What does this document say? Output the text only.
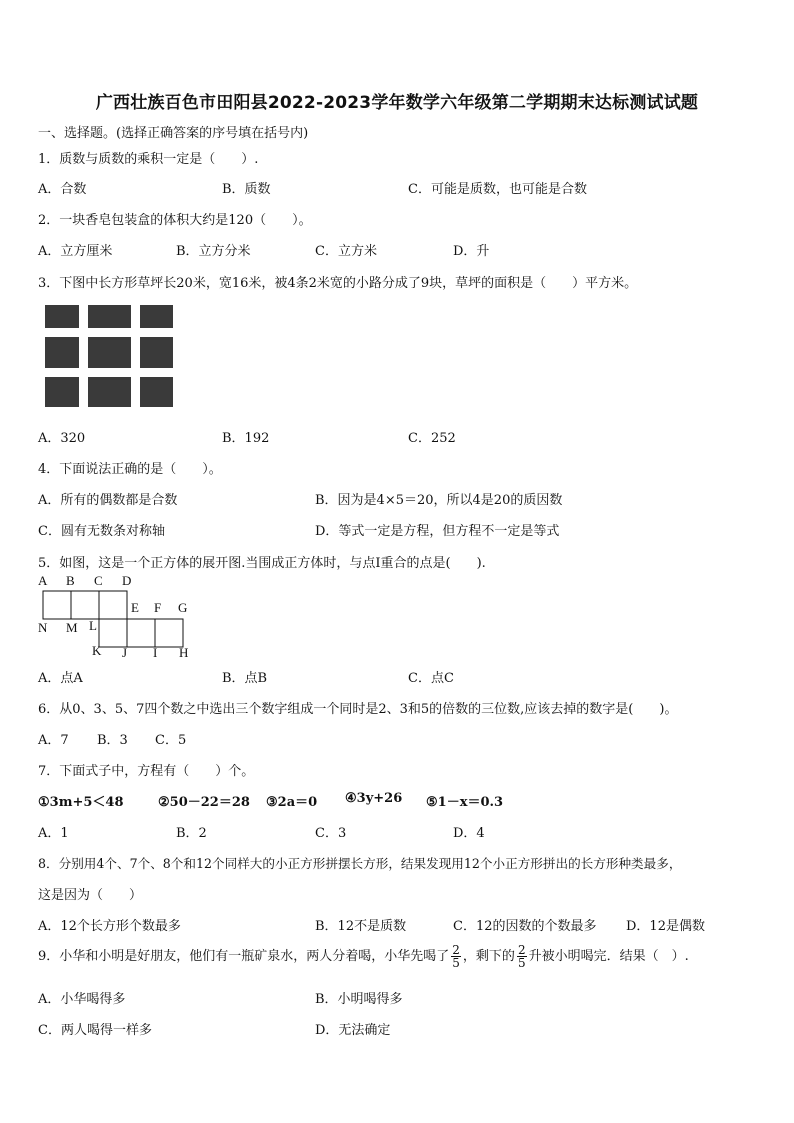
广西壮族百色市田阳县2022-2023学年数学六年级第二学期期末达标测试试题
一、选择题。(选择正确答案的序号填在括号内)
1．质数与质数的乘积一定是（　　）.
A．合数	B．质数	C．可能是质数，也可能是合数
2．一块香皂包装盒的体积大约是120（　　）。
A．立方厘米	B．立方分米	C．立方米	D．升
3．下图中长方形草坪长20米，宽16米，被4条2米宽的小路分成了9块，草坪的面积是（　　）平方米。
A．320	B．192	C．252
4．下面说法正确的是（　　）。
A．所有的偶数都是合数	B．因为是4×5＝20，所以4是20的质因数
C．圆有无数条对称轴	D．等式一定是方程，但方程不一定是等式
5．如图，这是一个正方体的展开图.当围成正方体时，与点I重合的点是(　　).
A B C D
E F G
N M L
K J I H
A．点A	B．点B	C．点C
6．从0、3、5、7四个数之中选出三个数字组成一个同时是2、3和5的倍数的三位数,应该去掉的数字是(　　)。
A．7 B．3 C．5
7．下面式子中，方程有（　　）个。
①3m+5＜48	②50－22＝28 ③2a＝0 ④3y+26 ⑤1－x＝0.3
A．1	B．2	C．3	D．4
8．分别用4个、7个、8个和12个同样大的小正方形拼摆长方形，结果发现用12个小正方形拼出的长方形种类最多，
这是因为（　　）
A．12个长方形个数最多	B．12不是质数	C．12的因数的个数最多 D．12是偶数
9．小华和小明是好朋友，他们有一瓶矿泉水，两人分着喝，小华先喝了 $\frac{2}{5}$ ，剩下的 $\frac{2}{5}$ 升被小明喝完．结果（　）.
A．小华喝得多	B．小明喝得多
C．两人喝得一样多	D．无法确定
